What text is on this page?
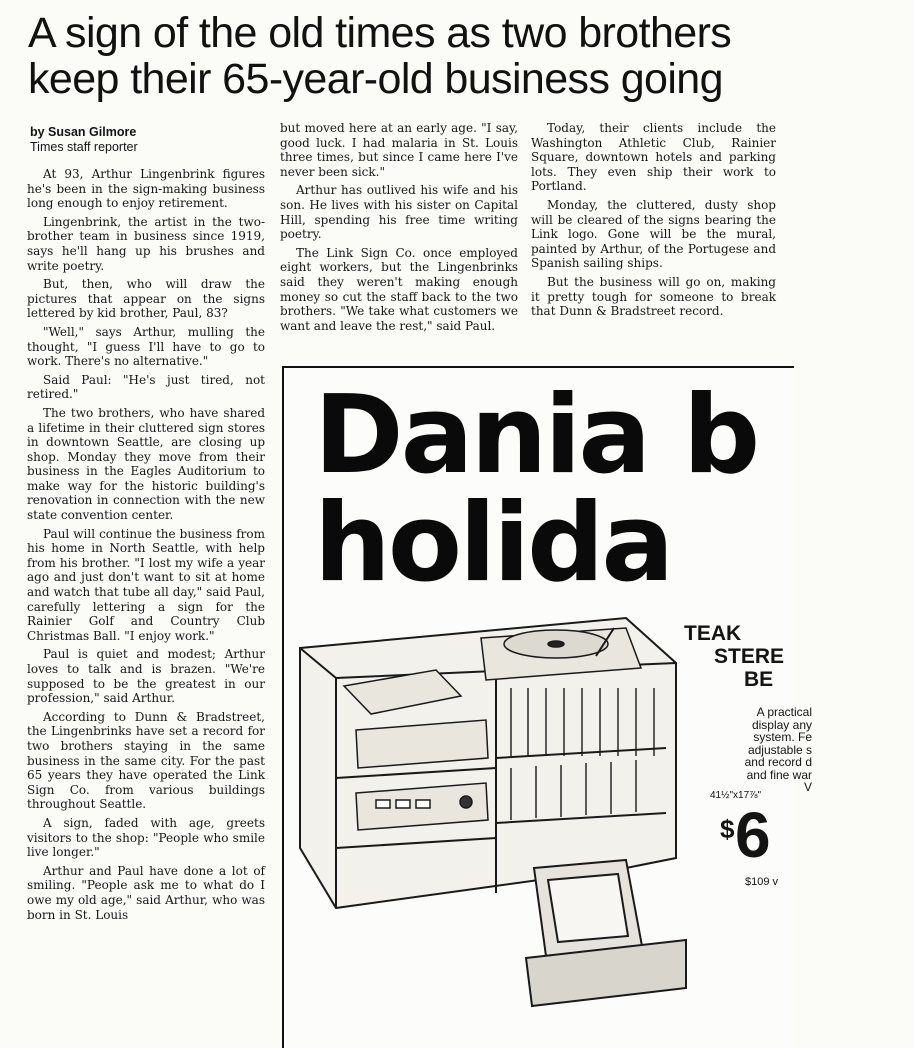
A sign of the old times as two brothers keep their 65-year-old business going
by Susan Gilmore
Times staff reporter

At 93, Arthur Lingenbrink figures he's been in the sign-making business long enough to enjoy retirement.

Lingenbrink, the artist in the two-brother team in business since 1919, says he'll hang up his brushes and write poetry.

But, then, who will draw the pictures that appear on the signs lettered by kid brother, Paul, 83?

"Well," says Arthur, mulling the thought, "I guess I'll have to go to work. There's no alternative."

Said Paul: "He's just tired, not retired."

The two brothers, who have shared a lifetime in their cluttered sign stores in downtown Seattle, are closing up shop. Monday they move from their business in the Eagles Auditorium to make way for the historic building's renovation in connection with the new state convention center.

Paul will continue the business from his home in North Seattle, with help from his brother. "I lost my wife a year ago and just don't want to sit at home and watch that tube all day," said Paul, carefully lettering a sign for the Rainier Golf and Country Club Christmas Ball. "I enjoy work."

Paul is quiet and modest; Arthur loves to talk and is brazen. "We're supposed to be the greatest in our profession," said Arthur.

According to Dunn & Bradstreet, the Lingenbrinks have set a record for two brothers staying in the same business in the same city. For the past 65 years they have operated the Link Sign Co. from various buildings throughout Seattle.

A sign, faded with age, greets visitors to the shop: "People who smile live longer."

Arthur and Paul have done a lot of smiling. "People ask me to what do I owe my old age," said Arthur, who was born in St. Louis

but moved here at an early age. "I say, good luck. I had malaria in St. Louis three times, but since I came here I've never been sick."

Arthur has outlived his wife and his son. He lives with his sister on Capital Hill, spending his free time writing poetry.

The Link Sign Co. once employed eight workers, but the Lingenbrinks said they weren't making enough money so cut the staff back to the two brothers. "We take what customers we want and leave the rest," said Paul.

Today, their clients include the Washington Athletic Club, Rainier Square, downtown hotels and parking lots. They even ship their work to Portland.

Monday, the cluttered, dusty shop will be cleared of the signs bearing the Link logo. Gone will be the mural, painted by Arthur, of the Portugese and Spanish sailing ships.

But the business will go on, making it pretty tough for someone to break that Dunn & Bradstreet record.

Dania b
holida
TEAK
STERE
BE
A practical
display any
system. Fe
adjustable s
and record d
and fine war
V
41½"x17⅞"
$ 6
$109 v
